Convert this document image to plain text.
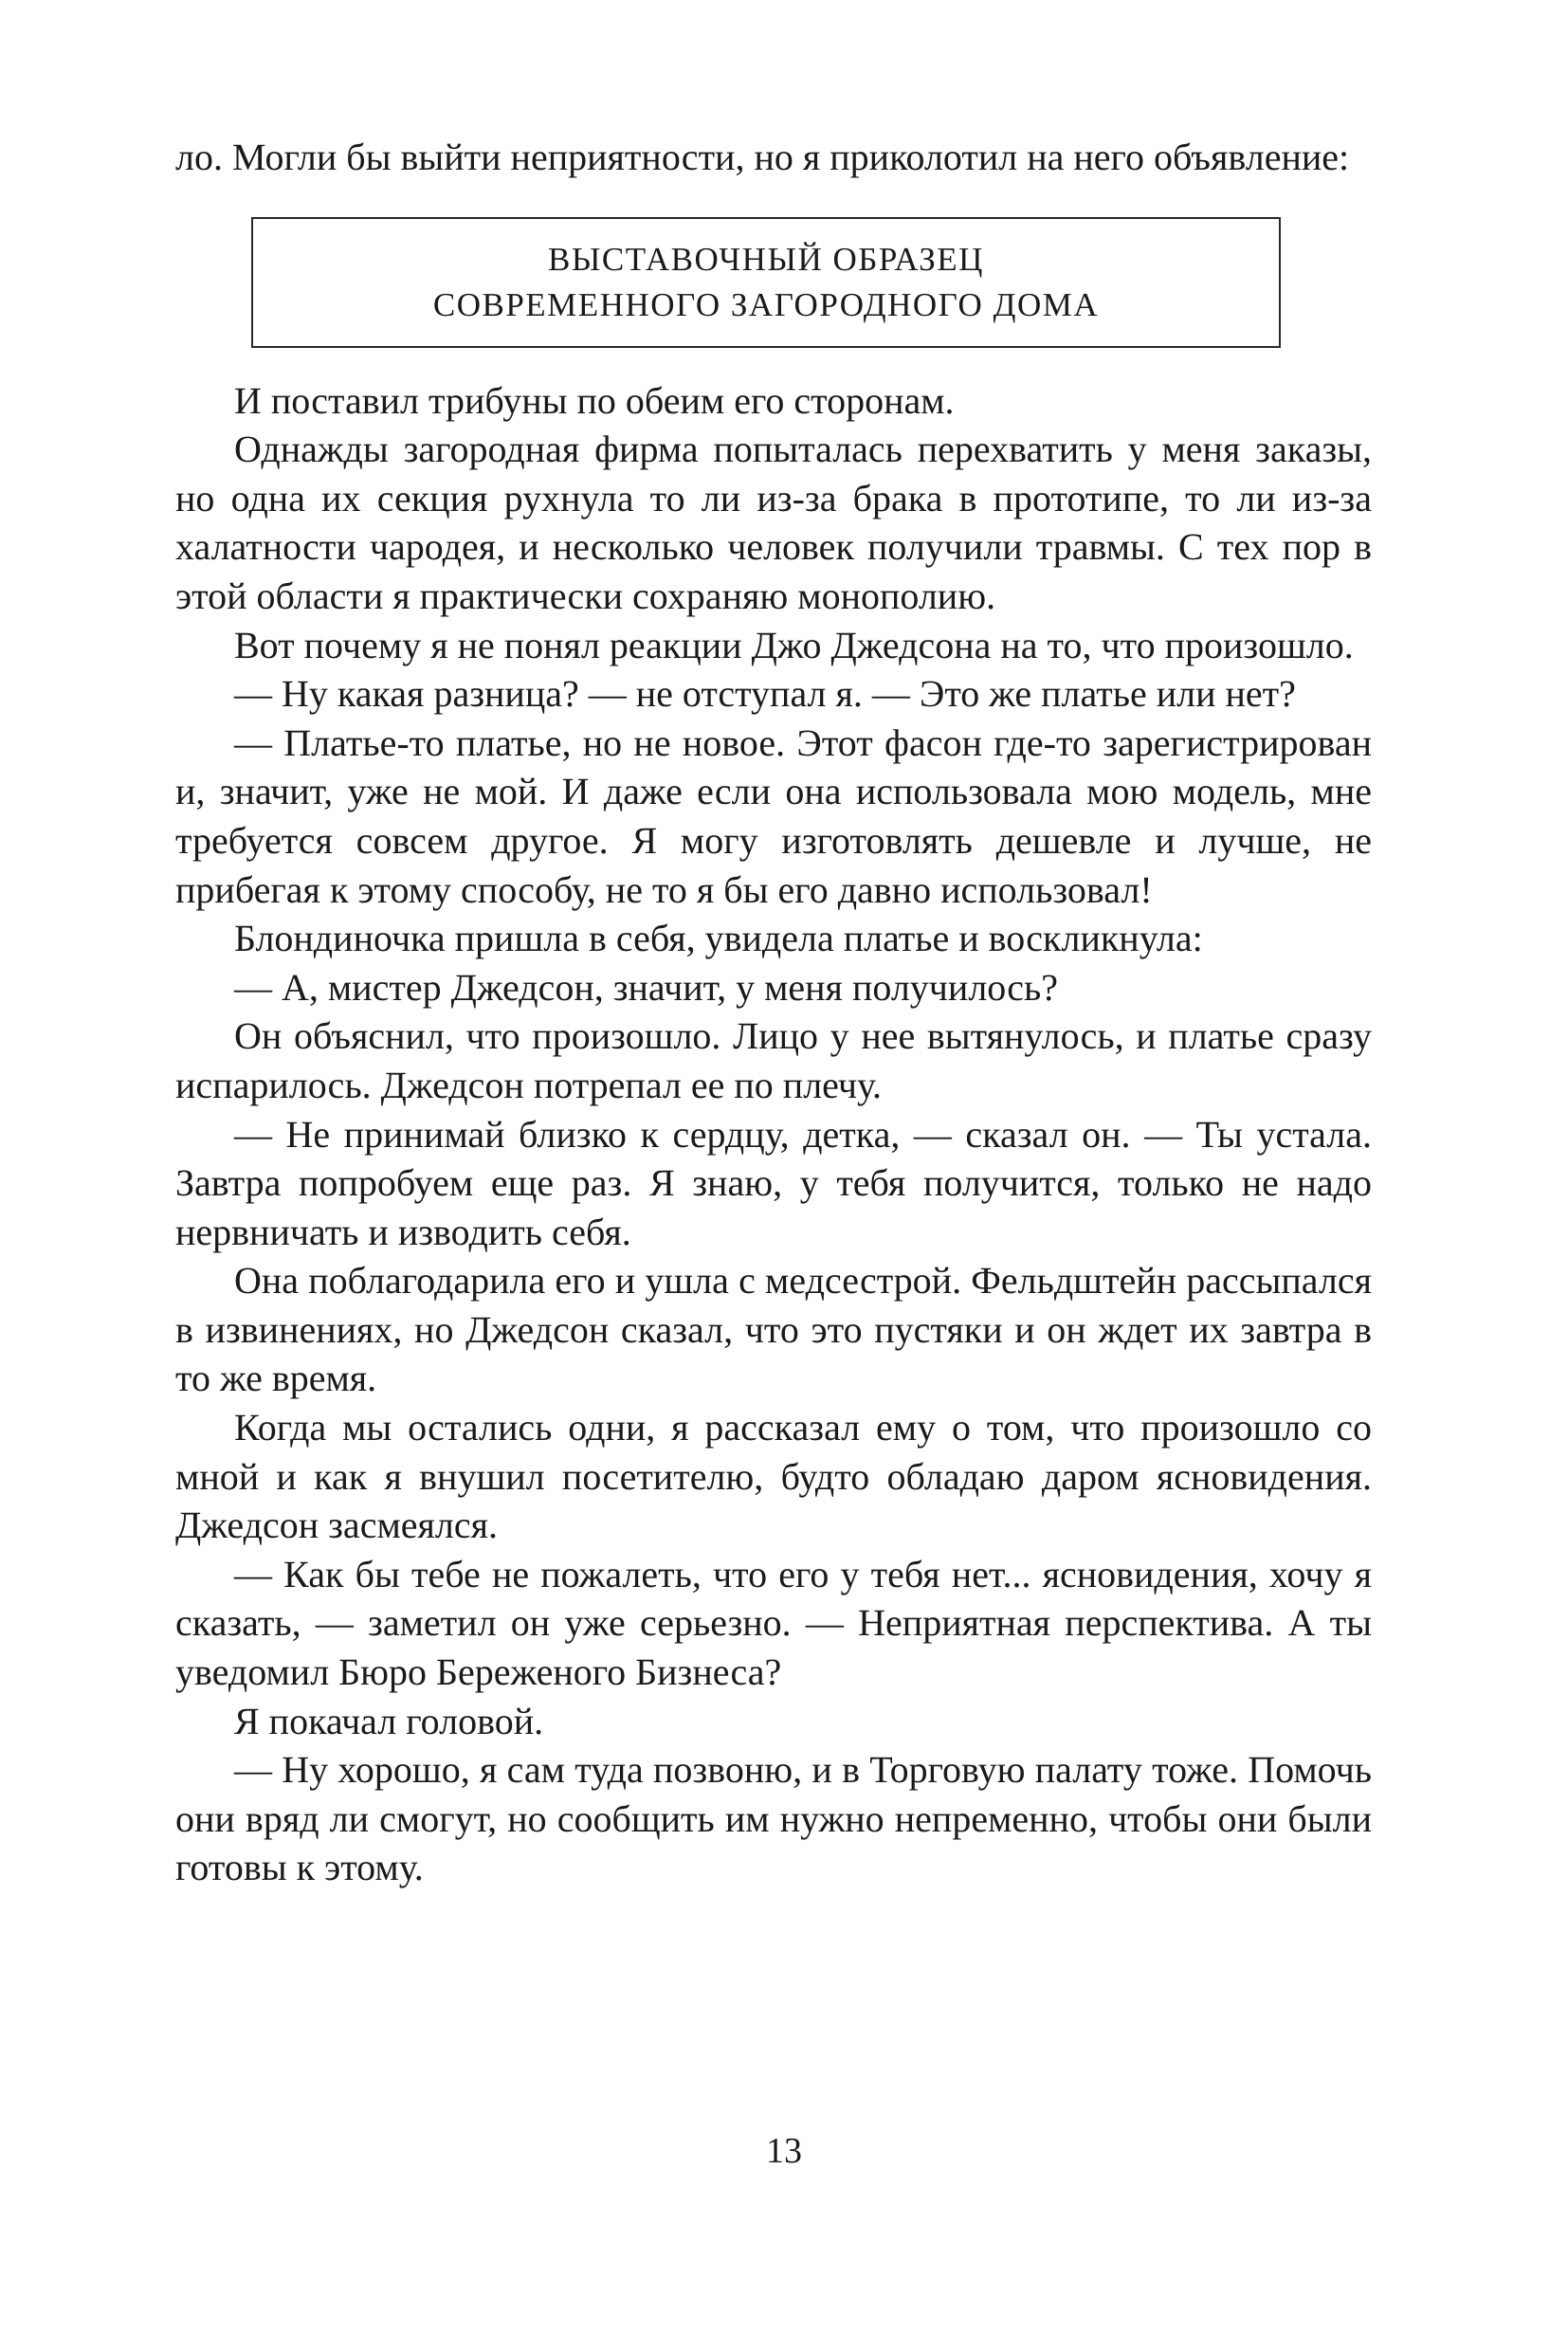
ло. Могли бы выйти неприятности, но я приколотил на него объявление:

ВЫСТАВОЧНЫЙ ОБРАЗЕЦ
СОВРЕМЕННОГО ЗАГОРОДНОГО ДОМА

И поставил трибуны по обеим его сторонам.

Однажды загородная фирма попыталась перехватить у меня заказы, но одна их секция рухнула то ли из-за брака в прототипе, то ли из-за халатности чародея, и несколько человек получили травмы. С тех пор в этой области я практически сохраняю монополию.

Вот почему я не понял реакции Джо Джедсона на то, что произошло.

— Ну какая разница? — не отступал я. — Это же платье или нет?

— Платье-то платье, но не новое. Этот фасон где-то зарегистрирован и, значит, уже не мой. И даже если она использовала мою модель, мне требуется совсем другое. Я могу изготовлять дешевле и лучше, не прибегая к этому способу, не то я бы его давно использовал!

Блондиночка пришла в себя, увидела платье и воскликнула:

— А, мистер Джедсон, значит, у меня получилось?

Он объяснил, что произошло. Лицо у нее вытянулось, и платье сразу испарилось. Джедсон потрепал ее по плечу.

— Не принимай близко к сердцу, детка, — сказал он. — Ты устала. Завтра попробуем еще раз. Я знаю, у тебя получится, только не надо нервничать и изводить себя.

Она поблагодарила его и ушла с медсестрой. Фельдштейн рассыпался в извинениях, но Джедсон сказал, что это пустяки и он ждет их завтра в то же время.

Когда мы остались одни, я рассказал ему о том, что произошло со мной и как я внушил посетителю, будто обладаю даром ясновидения. Джедсон засмеялся.

— Как бы тебе не пожалеть, что его у тебя нет... ясновидения, хочу я сказать, — заметил он уже серьезно. — Неприятная перспектива. А ты уведомил Бюро Береженого Бизнеса?

Я покачал головой.

— Ну хорошо, я сам туда позвоню, и в Торговую палату тоже. Помочь они вряд ли смогут, но сообщить им нужно непременно, чтобы они были готовы к этому.

13
